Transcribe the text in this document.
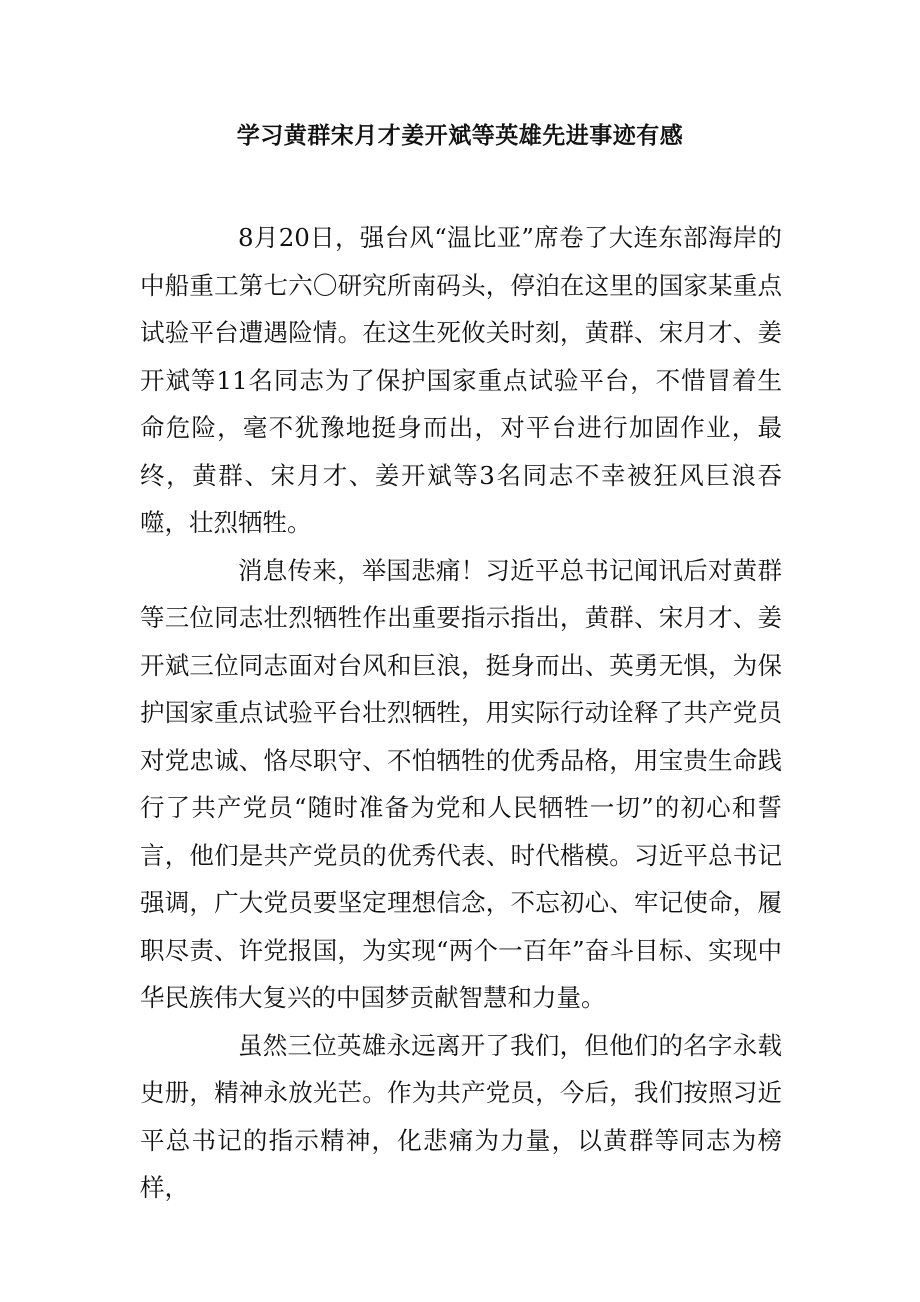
学习黄群宋月才姜开斌等英雄先进事迹有感

8月20日，强台风“温比亚”席卷了大连东部海岸的中船重工第七六〇研究所南码头，停泊在这里的国家某重点试验平台遭遇险情。在这生死攸关时刻，黄群、宋月才、姜开斌等11名同志为了保护国家重点试验平台，不惜冒着生命危险，毫不犹豫地挺身而出，对平台进行加固作业，最终，黄群、宋月才、姜开斌等3名同志不幸被狂风巨浪吞噬，壮烈牺牲。

消息传来，举国悲痛！习近平总书记闻讯后对黄群等三位同志壮烈牺牲作出重要指示指出，黄群、宋月才、姜开斌三位同志面对台风和巨浪，挺身而出、英勇无惧，为保护国家重点试验平台壮烈牺牲，用实际行动诠释了共产党员对党忠诚、恪尽职守、不怕牺牲的优秀品格，用宝贵生命践行了共产党员“随时准备为党和人民牺牲一切”的初心和誓言，他们是共产党员的优秀代表、时代楷模。习近平总书记强调，广大党员要坚定理想信念，不忘初心、牢记使命，履职尽责、许党报国，为实现“两个一百年”奋斗目标、实现中华民族伟大复兴的中国梦贡献智慧和力量。

虽然三位英雄永远离开了我们，但他们的名字永载史册，精神永放光芒。作为共产党员，今后，我们按照习近平总书记的指示精神，化悲痛为力量，以黄群等同志为榜样，
